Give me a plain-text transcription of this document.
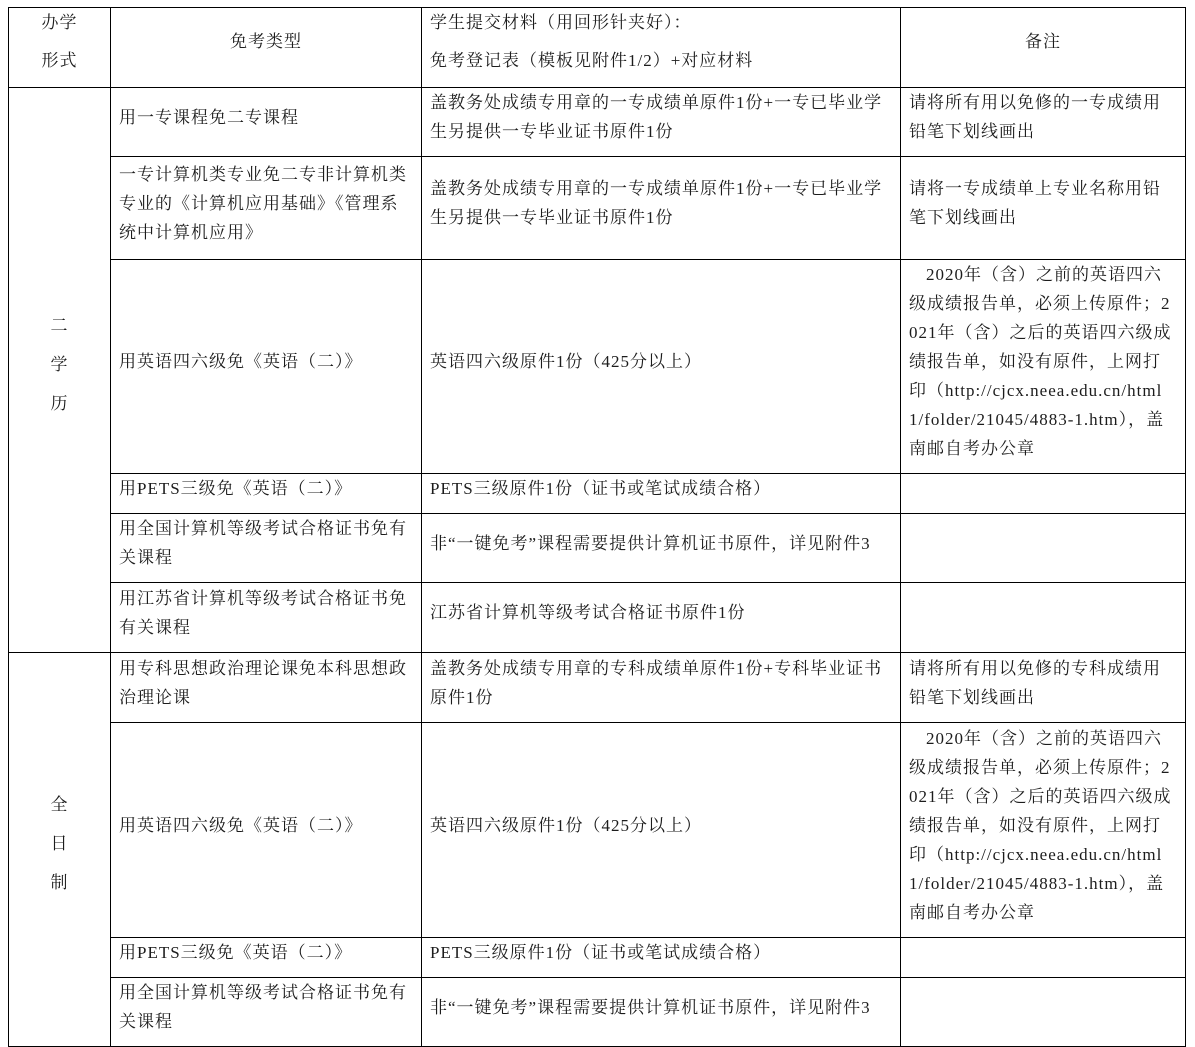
办学形式	免考类型	学生提交材料（用回形针夹好）：
免考登记表（模板见附件1/2）+对应材料	备注
二学历	用一专课程免二专课程	盖教务处成绩专用章的一专成绩单原件1份+一专已毕业学生另提供一专毕业证书原件1份	请将所有用以免修的一专成绩用铅笔下划线画出
	一专计算机类专业免二专非计算机类专业的《计算机应用基础》《管理系统中计算机应用》	盖教务处成绩专用章的一专成绩单原件1份+一专已毕业学生另提供一专毕业证书原件1份	请将一专成绩单上专业名称用铅笔下划线画出
	用英语四六级免《英语（二）》	英语四六级原件1份（425分以上）	2020年（含）之前的英语四六级成绩报告单，必须上传原件；2021年（含）之后的英语四六级成绩报告单，如没有原件，上网打印（http://cjcx.neea.edu.cn/html1/folder/21045/4883-1.htm），盖南邮自考办公章
	用PETS三级免《英语（二）》	PETS三级原件1份（证书或笔试成绩合格）	
	用全国计算机等级考试合格证书免有关课程	非“一键免考”课程需要提供计算机证书原件，详见附件3	
	用江苏省计算机等级考试合格证书免有关课程	江苏省计算机等级考试合格证书原件1份	
全日制	用专科思想政治理论课免本科思想政治理论课	盖教务处成绩专用章的专科成绩单原件1份+专科毕业证书原件1份	请将所有用以免修的专科成绩用铅笔下划线画出
	用英语四六级免《英语（二）》	英语四六级原件1份（425分以上）	2020年（含）之前的英语四六级成绩报告单，必须上传原件；2021年（含）之后的英语四六级成绩报告单，如没有原件，上网打印（http://cjcx.neea.edu.cn/html1/folder/21045/4883-1.htm），盖南邮自考办公章
	用PETS三级免《英语（二）》	PETS三级原件1份（证书或笔试成绩合格）	
	用全国计算机等级考试合格证书免有关课程	非“一键免考”课程需要提供计算机证书原件，详见附件3	
